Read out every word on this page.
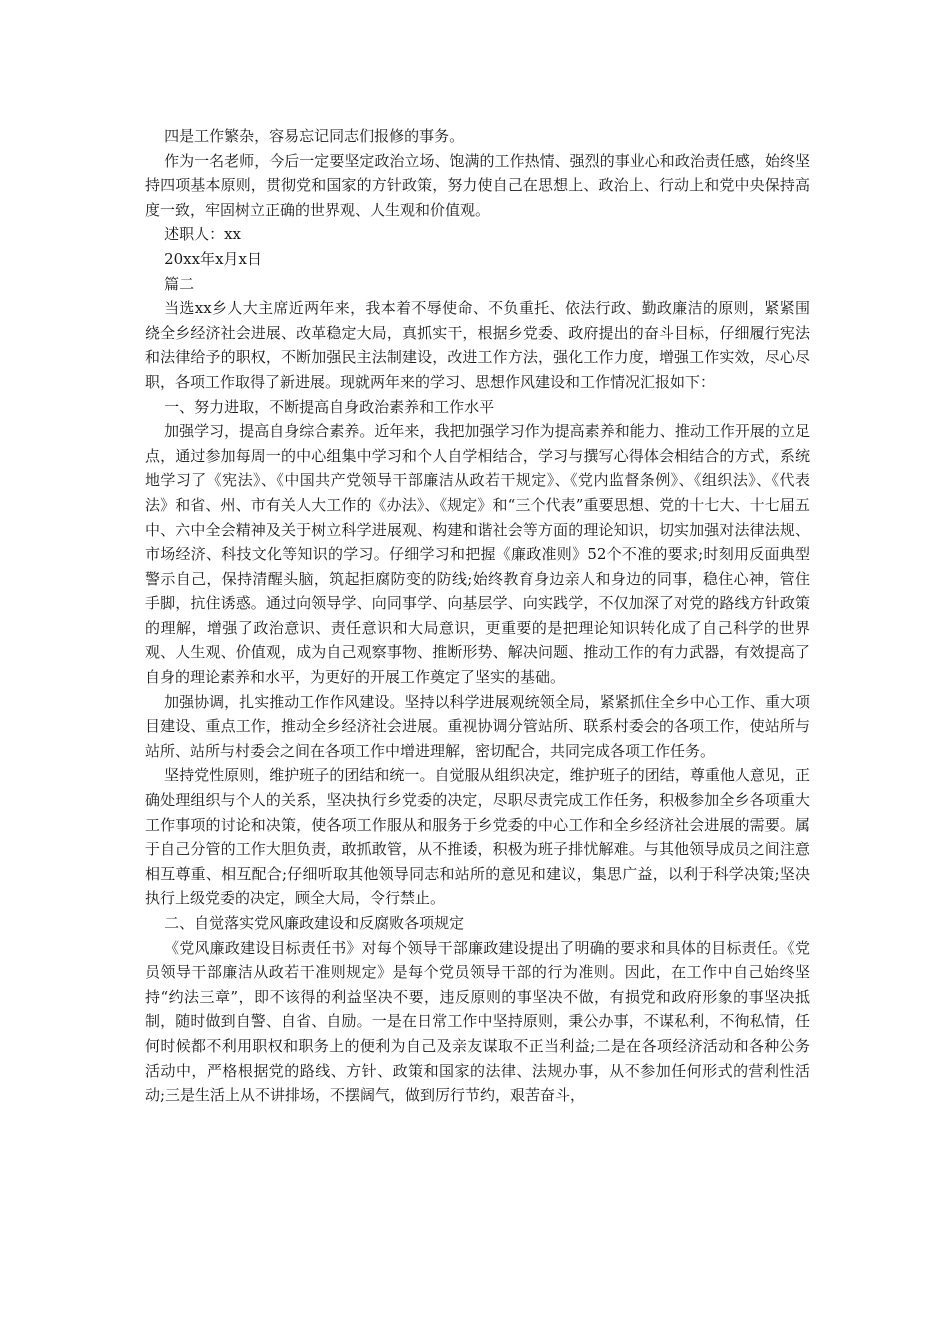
四是工作繁杂，容易忘记同志们报修的事务。

作为一名老师，今后一定要坚定政治立场、饱满的工作热情、强烈的事业心和政治责任感，始终坚持四项基本原则，贯彻党和国家的方针政策，努力使自己在思想上、政治上、行动上和党中央保持高度一致，牢固树立正确的世界观、人生观和价值观。

述职人：xx

20xx年x月x日

篇二

当选xx乡人大主席近两年来，我本着不辱使命、不负重托、依法行政、勤政廉洁的原则，紧紧围绕全乡经济社会进展、改革稳定大局，真抓实干，根据乡党委、政府提出的奋斗目标，仔细履行宪法和法律给予的职权，不断加强民主法制建设，改进工作方法，强化工作力度，增强工作实效，尽心尽职，各项工作取得了新进展。现就两年来的学习、思想作风建设和工作情况汇报如下：

一、努力进取，不断提高自身政治素养和工作水平

加强学习，提高自身综合素养。近年来，我把加强学习作为提高素养和能力、推动工作开展的立足点，通过参加每周一的中心组集中学习和个人自学相结合，学习与撰写心得体会相结合的方式，系统地学习了《宪法》、《中国共产党领导干部廉洁从政若干规定》、《党内监督条例》、《组织法》、《代表法》和省、州、市有关人大工作的《办法》、《规定》和“三个代表”重要思想、党的十七大、十七届五中、六中全会精神及关于树立科学进展观、构建和谐社会等方面的理论知识，切实加强对法律法规、市场经济、科技文化等知识的学习。仔细学习和把握《廉政准则》52个不准的要求;时刻用反面典型警示自己，保持清醒头脑，筑起拒腐防变的防线;始终教育身边亲人和身边的同事，稳住心神，管住手脚，抗住诱惑。通过向领导学、向同事学、向基层学、向实践学，不仅加深了对党的路线方针政策的理解，增强了政治意识、责任意识和大局意识，更重要的是把理论知识转化成了自己科学的世界观、人生观、价值观，成为自己观察事物、推断形势、解决问题、推动工作的有力武器，有效提高了自身的理论素养和水平，为更好的开展工作奠定了坚实的基础。

加强协调，扎实推动工作作风建设。坚持以科学进展观统领全局，紧紧抓住全乡中心工作、重大项目建设、重点工作，推动全乡经济社会进展。重视协调分管站所、联系村委会的各项工作，使站所与站所、站所与村委会之间在各项工作中增进理解，密切配合，共同完成各项工作任务。

坚持党性原则，维护班子的团结和统一。自觉服从组织决定，维护班子的团结，尊重他人意见，正确处理组织与个人的关系，坚决执行乡党委的决定，尽职尽责完成工作任务，积极参加全乡各项重大工作事项的讨论和决策，使各项工作服从和服务于乡党委的中心工作和全乡经济社会进展的需要。属于自己分管的工作大胆负责，敢抓敢管，从不推诿，积极为班子排忧解难。与其他领导成员之间注意相互尊重、相互配合;仔细听取其他领导同志和站所的意见和建议，集思广益，以利于科学决策;坚决执行上级党委的决定，顾全大局，令行禁止。

二、自觉落实党风廉政建设和反腐败各项规定

《党风廉政建设目标责任书》对每个领导干部廉政建设提出了明确的要求和具体的目标责任。《党员领导干部廉洁从政若干准则规定》是每个党员领导干部的行为准则。因此，在工作中自己始终坚持“约法三章”，即不该得的利益坚决不要，违反原则的事坚决不做，有损党和政府形象的事坚决抵制，随时做到自警、自省、自励。一是在日常工作中坚持原则，秉公办事，不谋私利，不徇私情，任何时候都不利用职权和职务上的便利为自己及亲友谋取不正当利益;二是在各项经济活动和各种公务活动中，严格根据党的路线、方针、政策和国家的法律、法规办事，从不参加任何形式的营利性活动;三是生活上从不讲排场，不摆阔气，做到厉行节约，艰苦奋斗，
